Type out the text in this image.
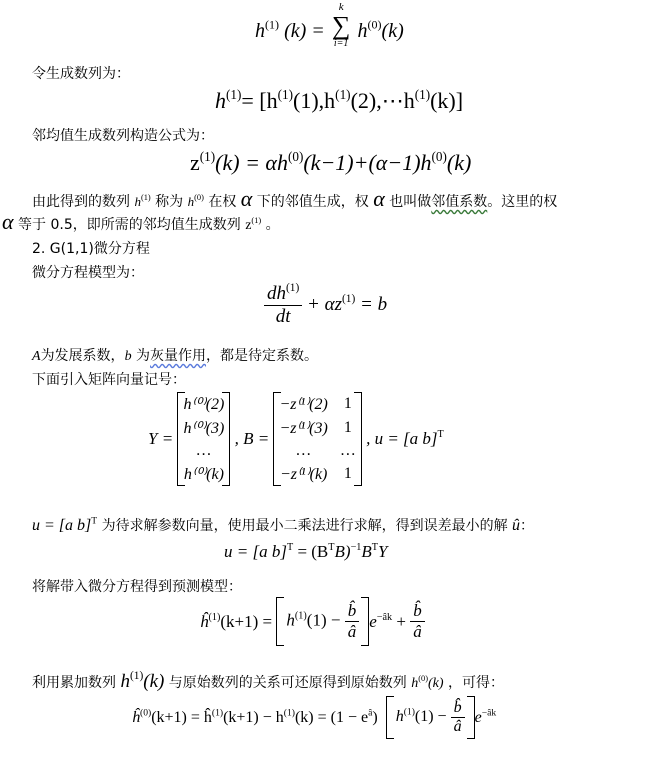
$h^{(1)}$ (k) =
k
∑
i=1
$h^{(0)}(k)$
令生成数列为：
$h^{(1)}=$ $[h^{(1)}(1),h^{(1)}(2),\cdots h^{(1)}(k)]$
邻均值生成数列构造公式为：
$z^{(1)}(k) = \alpha h^{(0)}(k-1)+(\alpha-1)h^{(0)}(k)$
由此得到的数列 $h^{(1)}$ 称为 $h^{(0)}$ 在权 α 下的邻值生成，权 α 也叫做邻值系数。这里的权
α 等于 0.5，即所需的邻均值生成数列 $z^{(1)}$ 。
2. G(1,1)微分方程
微分方程模型为：
$\frac{dh^{(1)}}{dt} + \alpha z^{(1)} = b$
A为发展系数，b 为灰量作用，都是待定系数。
下面引入矩阵向量记号：
Y =
h⁽⁰⁾(2)
h⁽⁰⁾(3)
…
h⁽⁰⁾(k)
, B =
−z⁽¹⁾(2)	1
−z⁽¹⁾(3)	1
…	…
−z⁽¹⁾(k)	1
, u = [a b]$^T$
u = [a b]$^T$ 为待求解参数向量，使用最小二乘法进行求解，得到误差最小的解 û：
u = [a $b]^T = (B^TB)^{-1}B^TY$
将解带入微分方程得到预测模型：
$ĥ^{(1)}(k+1) = h^{(1)}(1) - \frac{b̂}{â} e^{-âk} + \frac{b̂}{â}$
利用累加数列 $h^{(1)}(k)$ 与原始数列的关系可还原得到原始数列 $h^{(0)}(k)$ ，可得：
$ĥ^{(0)}(k+1)$ = $ĥ^{(1)}(k+1) - h^{(1)}(k) = (1 - e^â) h^{(1)}(1) - \frac{b̂}{â} e^{-âk}$
